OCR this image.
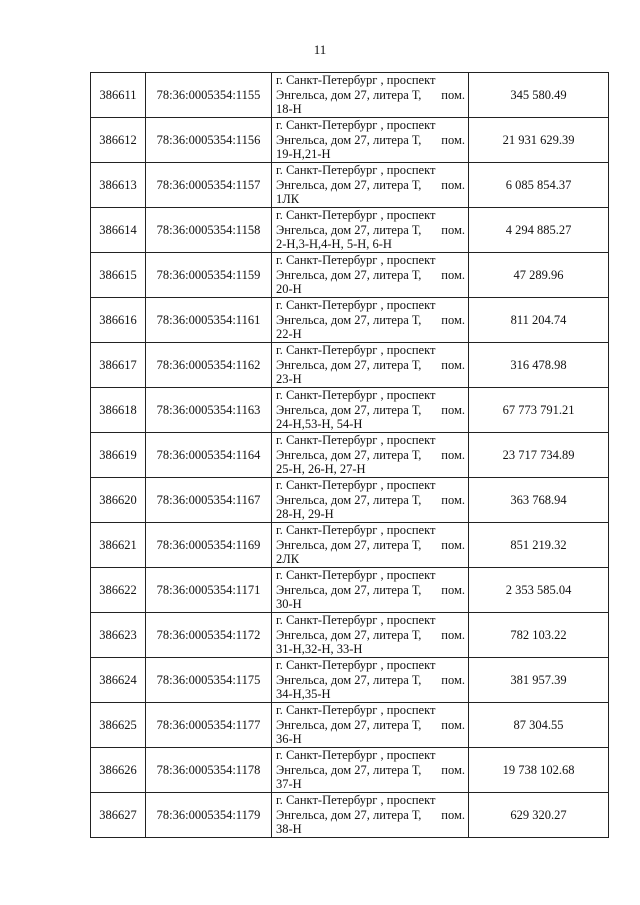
11
386611	78:36:0005354:1155	г. Санкт-Петербург , проспект
Энгельса, дом 27, литера Т, пом.
18-Н	345 580.49
386612	78:36:0005354:1156	г. Санкт-Петербург , проспект
Энгельса, дом 27, литера Т, пом.
19-Н,21-Н	21 931 629.39
386613	78:36:0005354:1157	г. Санкт-Петербург , проспект
Энгельса, дом 27, литера Т, пом.
1ЛК	6 085 854.37
386614	78:36:0005354:1158	г. Санкт-Петербург , проспект
Энгельса, дом 27, литера Т, пом.
2-Н,3-Н,4-Н, 5-Н, 6-Н	4 294 885.27
386615	78:36:0005354:1159	г. Санкт-Петербург , проспект
Энгельса, дом 27, литера Т, пом.
20-Н	47 289.96
386616	78:36:0005354:1161	г. Санкт-Петербург , проспект
Энгельса, дом 27, литера Т, пом.
22-Н	811 204.74
386617	78:36:0005354:1162	г. Санкт-Петербург , проспект
Энгельса, дом 27, литера Т, пом.
23-Н	316 478.98
386618	78:36:0005354:1163	г. Санкт-Петербург , проспект
Энгельса, дом 27, литера Т, пом.
24-Н,53-Н, 54-Н	67 773 791.21
386619	78:36:0005354:1164	г. Санкт-Петербург , проспект
Энгельса, дом 27, литера Т, пом.
25-Н, 26-Н, 27-Н	23 717 734.89
386620	78:36:0005354:1167	г. Санкт-Петербург , проспект
Энгельса, дом 27, литера Т, пом.
28-Н, 29-Н	363 768.94
386621	78:36:0005354:1169	г. Санкт-Петербург , проспект
Энгельса, дом 27, литера Т, пом.
2ЛК	851 219.32
386622	78:36:0005354:1171	г. Санкт-Петербург , проспект
Энгельса, дом 27, литера Т, пом.
30-Н	2 353 585.04
386623	78:36:0005354:1172	г. Санкт-Петербург , проспект
Энгельса, дом 27, литера Т, пом.
31-Н,32-Н, 33-Н	782 103.22
386624	78:36:0005354:1175	г. Санкт-Петербург , проспект
Энгельса, дом 27, литера Т, пом.
34-Н,35-Н	381 957.39
386625	78:36:0005354:1177	г. Санкт-Петербург , проспект
Энгельса, дом 27, литера Т, пом.
36-Н	87 304.55
386626	78:36:0005354:1178	г. Санкт-Петербург , проспект
Энгельса, дом 27, литера Т, пом.
37-Н	19 738 102.68
386627	78:36:0005354:1179	г. Санкт-Петербург , проспект
Энгельса, дом 27, литера Т, пом.
38-Н	629 320.27
